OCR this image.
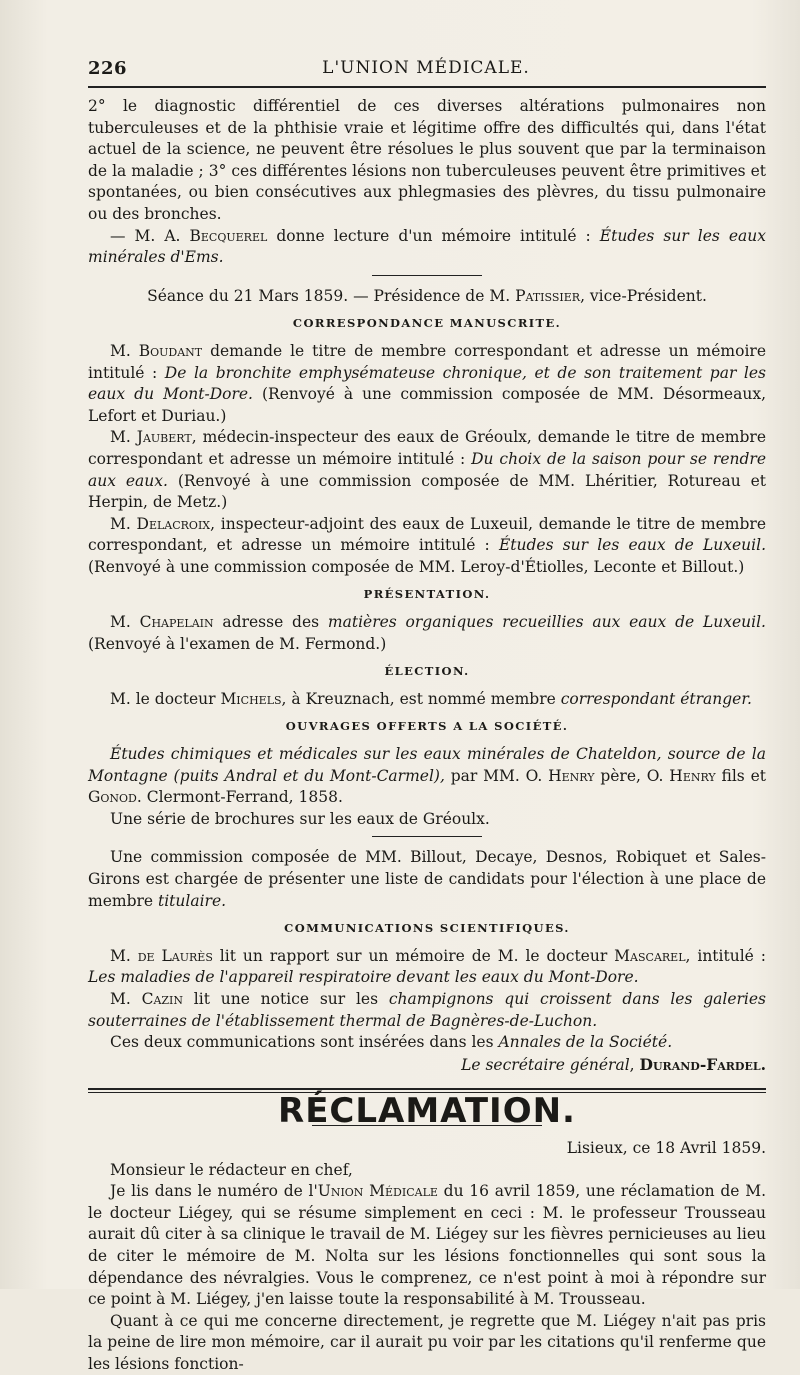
226	L'UNION MÉDICALE.

2° le diagnostic différentiel de ces diverses altérations pulmonaires non tuberculeuses et de la phthisie vraie et légitime offre des difficultés qui, dans l'état actuel de la science, ne peuvent être résolues le plus souvent que par la terminaison de la maladie ; 3° ces différentes lésions non tuberculeuses peuvent être primitives et spontanées, ou bien consécutives aux phlegmasies des plèvres, du tissu pulmonaire ou des bronches.

— M. A. Becquerel donne lecture d'un mémoire intitulé : Études sur les eaux minérales d'Ems.

Séance du 21 Mars 1859. — Présidence de M. Patissier, vice-Président.

CORRESPONDANCE MANUSCRITE.

M. Boudant demande le titre de membre correspondant et adresse un mémoire intitulé : De la bronchite emphysémateuse chronique, et de son traitement par les eaux du Mont-Dore. (Renvoyé à une commission composée de MM. Désormeaux, Lefort et Duriau.)

M. Jaubert, médecin-inspecteur des eaux de Gréoulx, demande le titre de membre correspondant et adresse un mémoire intitulé : Du choix de la saison pour se rendre aux eaux. (Renvoyé à une commission composée de MM. Lhéritier, Rotureau et Herpin, de Metz.)

M. Delacroix, inspecteur-adjoint des eaux de Luxeuil, demande le titre de membre correspondant, et adresse un mémoire intitulé : Études sur les eaux de Luxeuil. (Renvoyé à une commission composée de MM. Leroy-d'Étiolles, Leconte et Billout.)

PRÉSENTATION.

M. Chapelain adresse des matières organiques recueillies aux eaux de Luxeuil. (Renvoyé à l'examen de M. Fermond.)

ÉLECTION.

M. le docteur Michels, à Kreuznach, est nommé membre correspondant étranger.

OUVRAGES OFFERTS A LA SOCIÉTÉ.

Études chimiques et médicales sur les eaux minérales de Chateldon, source de la Montagne (puits Andral et du Mont-Carmel), par MM. O. Henry père, O. Henry fils et Gonod. Clermont-Ferrand, 1858.

Une série de brochures sur les eaux de Gréoulx.

Une commission composée de MM. Billout, Decaye, Desnos, Robiquet et Sales-Girons est chargée de présenter une liste de candidats pour l'élection à une place de membre titulaire.

COMMUNICATIONS SCIENTIFIQUES.

M. de Laurès lit un rapport sur un mémoire de M. le docteur Mascarel, intitulé : Les maladies de l'appareil respiratoire devant les eaux du Mont-Dore.

M. Cazin lit une notice sur les champignons qui croissent dans les galeries souterraines de l'établissement thermal de Bagnères-de-Luchon.

Ces deux communications sont insérées dans les Annales de la Société.

Le secrétaire général, Durand-Fardel.

RÉCLAMATION.

Lisieux, ce 18 Avril 1859.

Monsieur le rédacteur en chef,

Je lis dans le numéro de l'Union Médicale du 16 avril 1859, une réclamation de M. le docteur Liégey, qui se résume simplement en ceci : M. le professeur Trousseau aurait dû citer à sa clinique le travail de M. Liégey sur les fièvres pernicieuses au lieu de citer le mémoire de M. Nolta sur les lésions fonctionnelles qui sont sous la dépendance des névralgies. Vous le comprenez, ce n'est point à moi à répondre sur ce point à M. Liégey, j'en laisse toute la responsabilité à M. Trousseau.

Quant à ce qui me concerne directement, je regrette que M. Liégey n'ait pas pris la peine de lire mon mémoire, car il aurait pu voir par les citations qu'il renferme que les lésions fonction-
